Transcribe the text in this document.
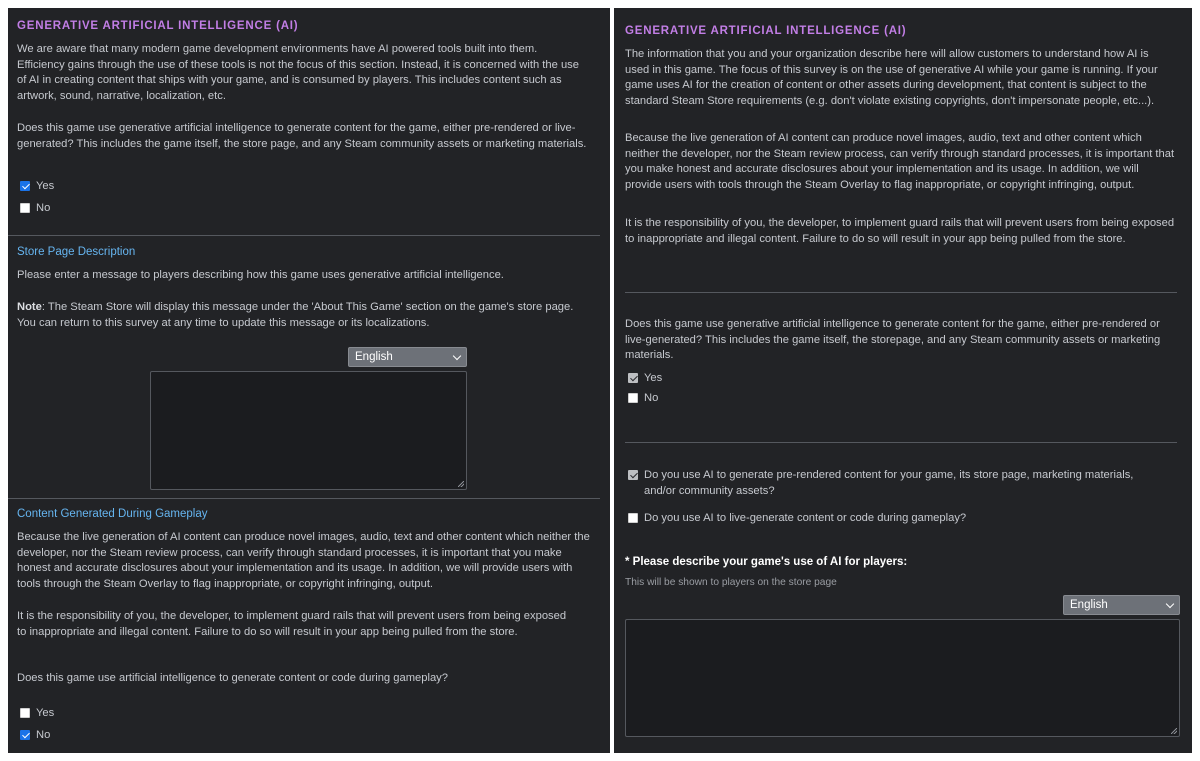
GENERATIVE ARTIFICIAL INTELLIGENCE (AI)

We are aware that many modern game development environments have AI powered tools built into them. Efficiency gains through the use of these tools is not the focus of this section. Instead, it is concerned with the use of AI in creating content that ships with your game, and is consumed by players. This includes content such as artwork, sound, narrative, localization, etc.

Does this game use generative artificial intelligence to generate content for the game, either pre-rendered or live-generated? This includes the game itself, the store page, and any Steam community assets or marketing materials.

Yes
No
Store Page Description

Please enter a message to players describing how this game uses generative artificial intelligence.

Note: The Steam Store will display this message under the 'About This Game' section on the game's store page. You can return to this survey at any time to update this message or its localizations.

English
Content Generated During Gameplay

Because the live generation of AI content can produce novel images, audio, text and other content which neither the developer, nor the Steam review process, can verify through standard processes, it is important that you make honest and accurate disclosures about your implementation and its usage. In addition, we will provide users with tools through the Steam Overlay to flag inappropriate, or copyright infringing, output.

It is the responsibility of you, the developer, to implement guard rails that will prevent users from being exposed to inappropriate and illegal content. Failure to do so will result in your app being pulled from the store.

Does this game use artificial intelligence to generate content or code during gameplay?

Yes
No
GENERATIVE ARTIFICIAL INTELLIGENCE (AI)

The information that you and your organization describe here will allow customers to understand how AI is used in this game. The focus of this survey is on the use of generative AI while your game is running. If your game uses AI for the creation of content or other assets during development, that content is subject to the standard Steam Store requirements (e.g. don't violate existing copyrights, don't impersonate people, etc...).

Because the live generation of AI content can produce novel images, audio, text and other content which neither the developer, nor the Steam review process, can verify through standard processes, it is important that you make honest and accurate disclosures about your implementation and its usage. In addition, we will provide users with tools through the Steam Overlay to flag inappropriate, or copyright infringing, output.

It is the responsibility of you, the developer, to implement guard rails that will prevent users from being exposed to inappropriate and illegal content. Failure to do so will result in your app being pulled from the store.

Does this game use generative artificial intelligence to generate content for the game, either pre-rendered or live-generated? This includes the game itself, the storepage, and any Steam community assets or marketing materials.

Yes
No
Do you use AI to generate pre-rendered content for your game, its store page, marketing materials, and/or community assets?
Do you use AI to live-generate content or code during gameplay?
* Please describe your game's use of AI for players:
This will be shown to players on the store page
English
